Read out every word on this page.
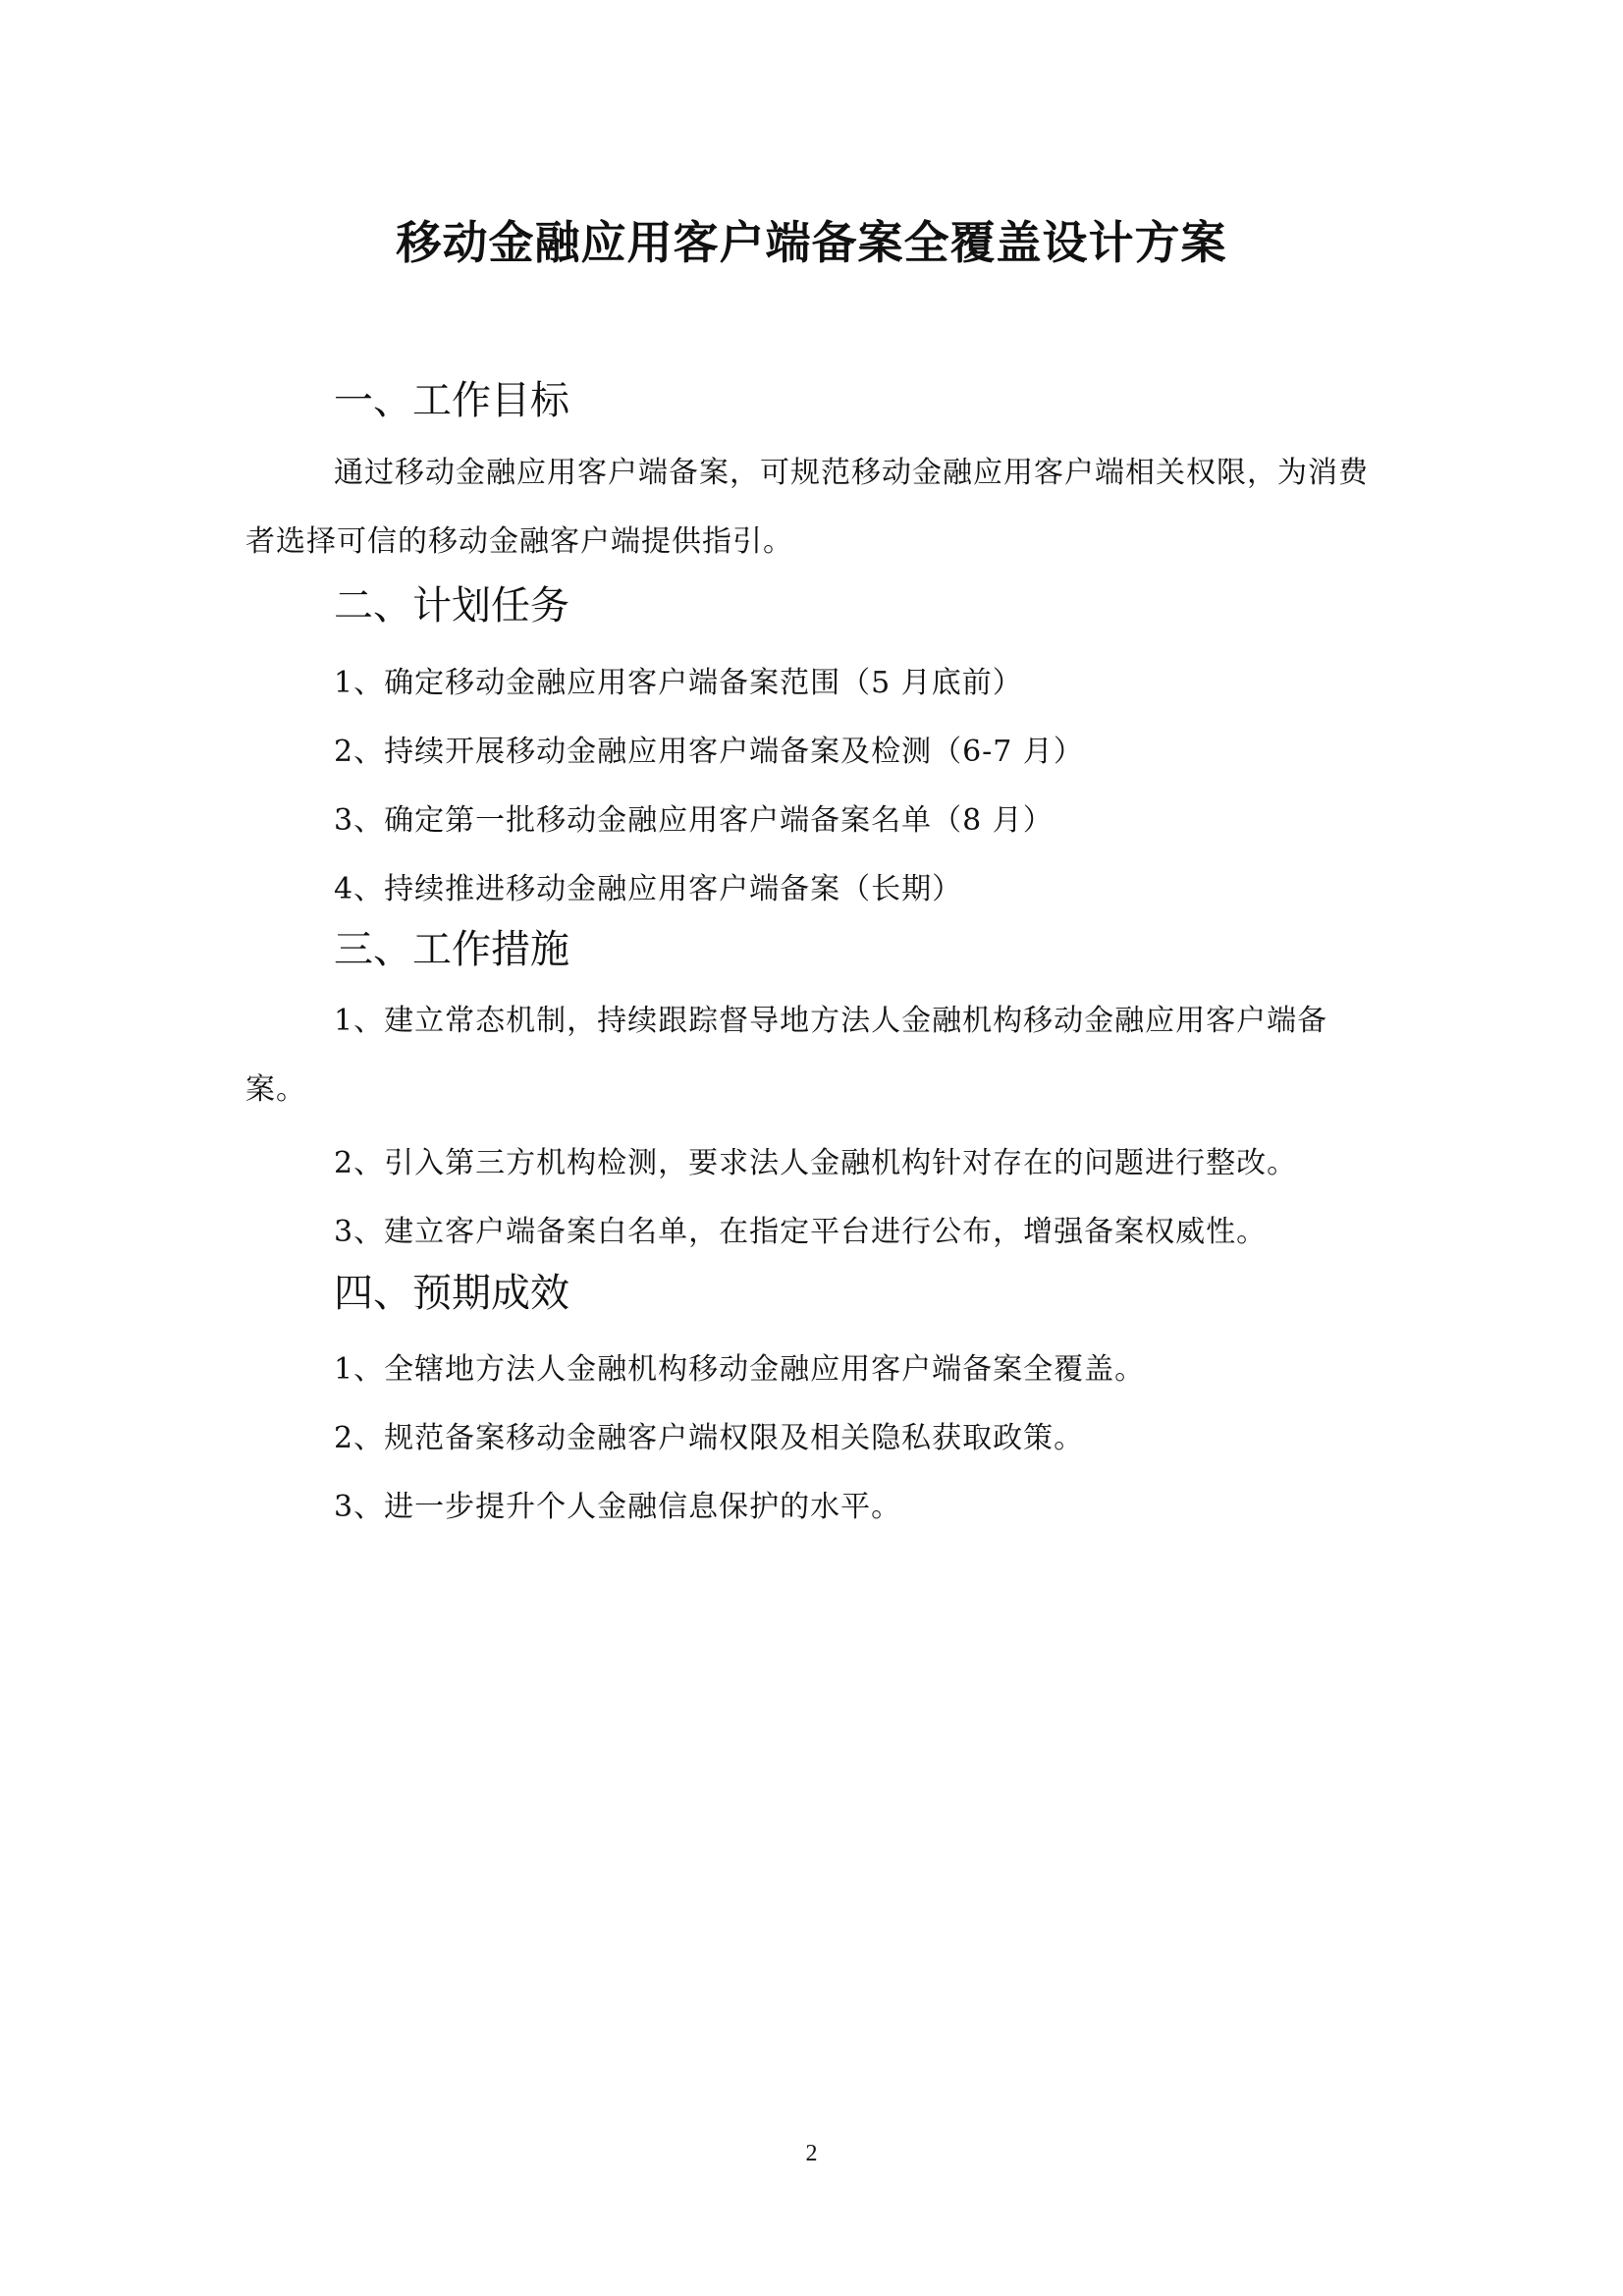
移动金融应用客户端备案全覆盖设计方案
一、工作目标

通过移动金融应用客户端备案，可规范移动金融应用客户端相关权限，为消费者选择可信的移动金融客户端提供指引。

二、计划任务

1、确定移动金融应用客户端备案范围（5 月底前）

2、持续开展移动金融应用客户端备案及检测（6-7 月）

3、确定第一批移动金融应用客户端备案名单（8 月）

4、持续推进移动金融应用客户端备案（长期）

三、工作措施

1、建立常态机制，持续跟踪督导地方法人金融机构移动金融应用客户端备案。

2、引入第三方机构检测，要求法人金融机构针对存在的问题进行整改。

3、建立客户端备案白名单，在指定平台进行公布，增强备案权威性。

四、预期成效

1、全辖地方法人金融机构移动金融应用客户端备案全覆盖。

2、规范备案移动金融客户端权限及相关隐私获取政策。

3、进一步提升个人金融信息保护的水平。

2
